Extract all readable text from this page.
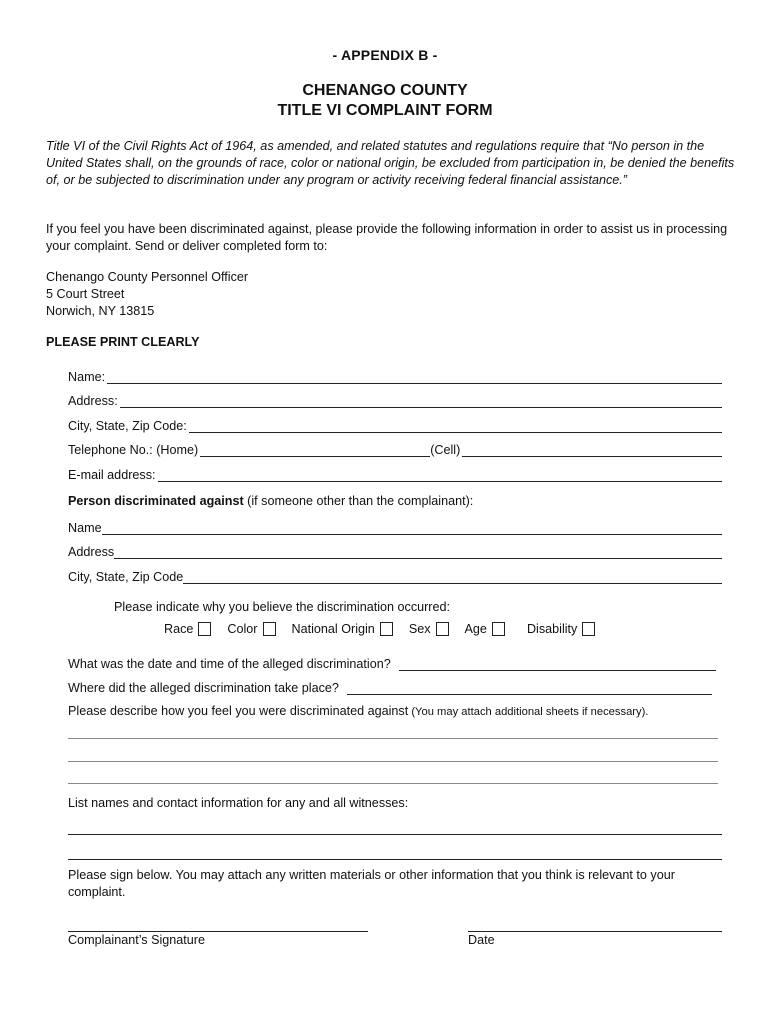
- APPENDIX B -
CHENANGO COUNTY
TITLE VI COMPLAINT FORM
Title VI of the Civil Rights Act of 1964, as amended, and related statutes and regulations require that “No person in the United States shall, on the grounds of race, color or national origin, be excluded from participation in, be denied the benefits of, or be subjected to discrimination under any program or activity receiving federal financial assistance.”
If you feel you have been discriminated against, please provide the following information in order to assist us in processing your complaint. Send or deliver completed form to:
Chenango County Personnel Officer
5 Court Street
Norwich, NY 13815
PLEASE PRINT CLEARLY
Name:
Address:
City, State, Zip Code:
Telephone No.: (Home)	(Cell)
E-mail address:
Person discriminated against (if someone other than the complainant):
Name
Address
City, State, Zip Code
Please indicate why you believe the discrimination occurred:
Race	Color	National Origin	Sex	Age	Disability
What was the date and time of the alleged discrimination?
Where did the alleged discrimination take place?
Please describe how you feel you were discriminated against (You may attach additional sheets if necessary).
List names and contact information for any and all witnesses:
Please sign below. You may attach any written materials or other information that you think is relevant to your complaint.
Complainant’s Signature	Date
